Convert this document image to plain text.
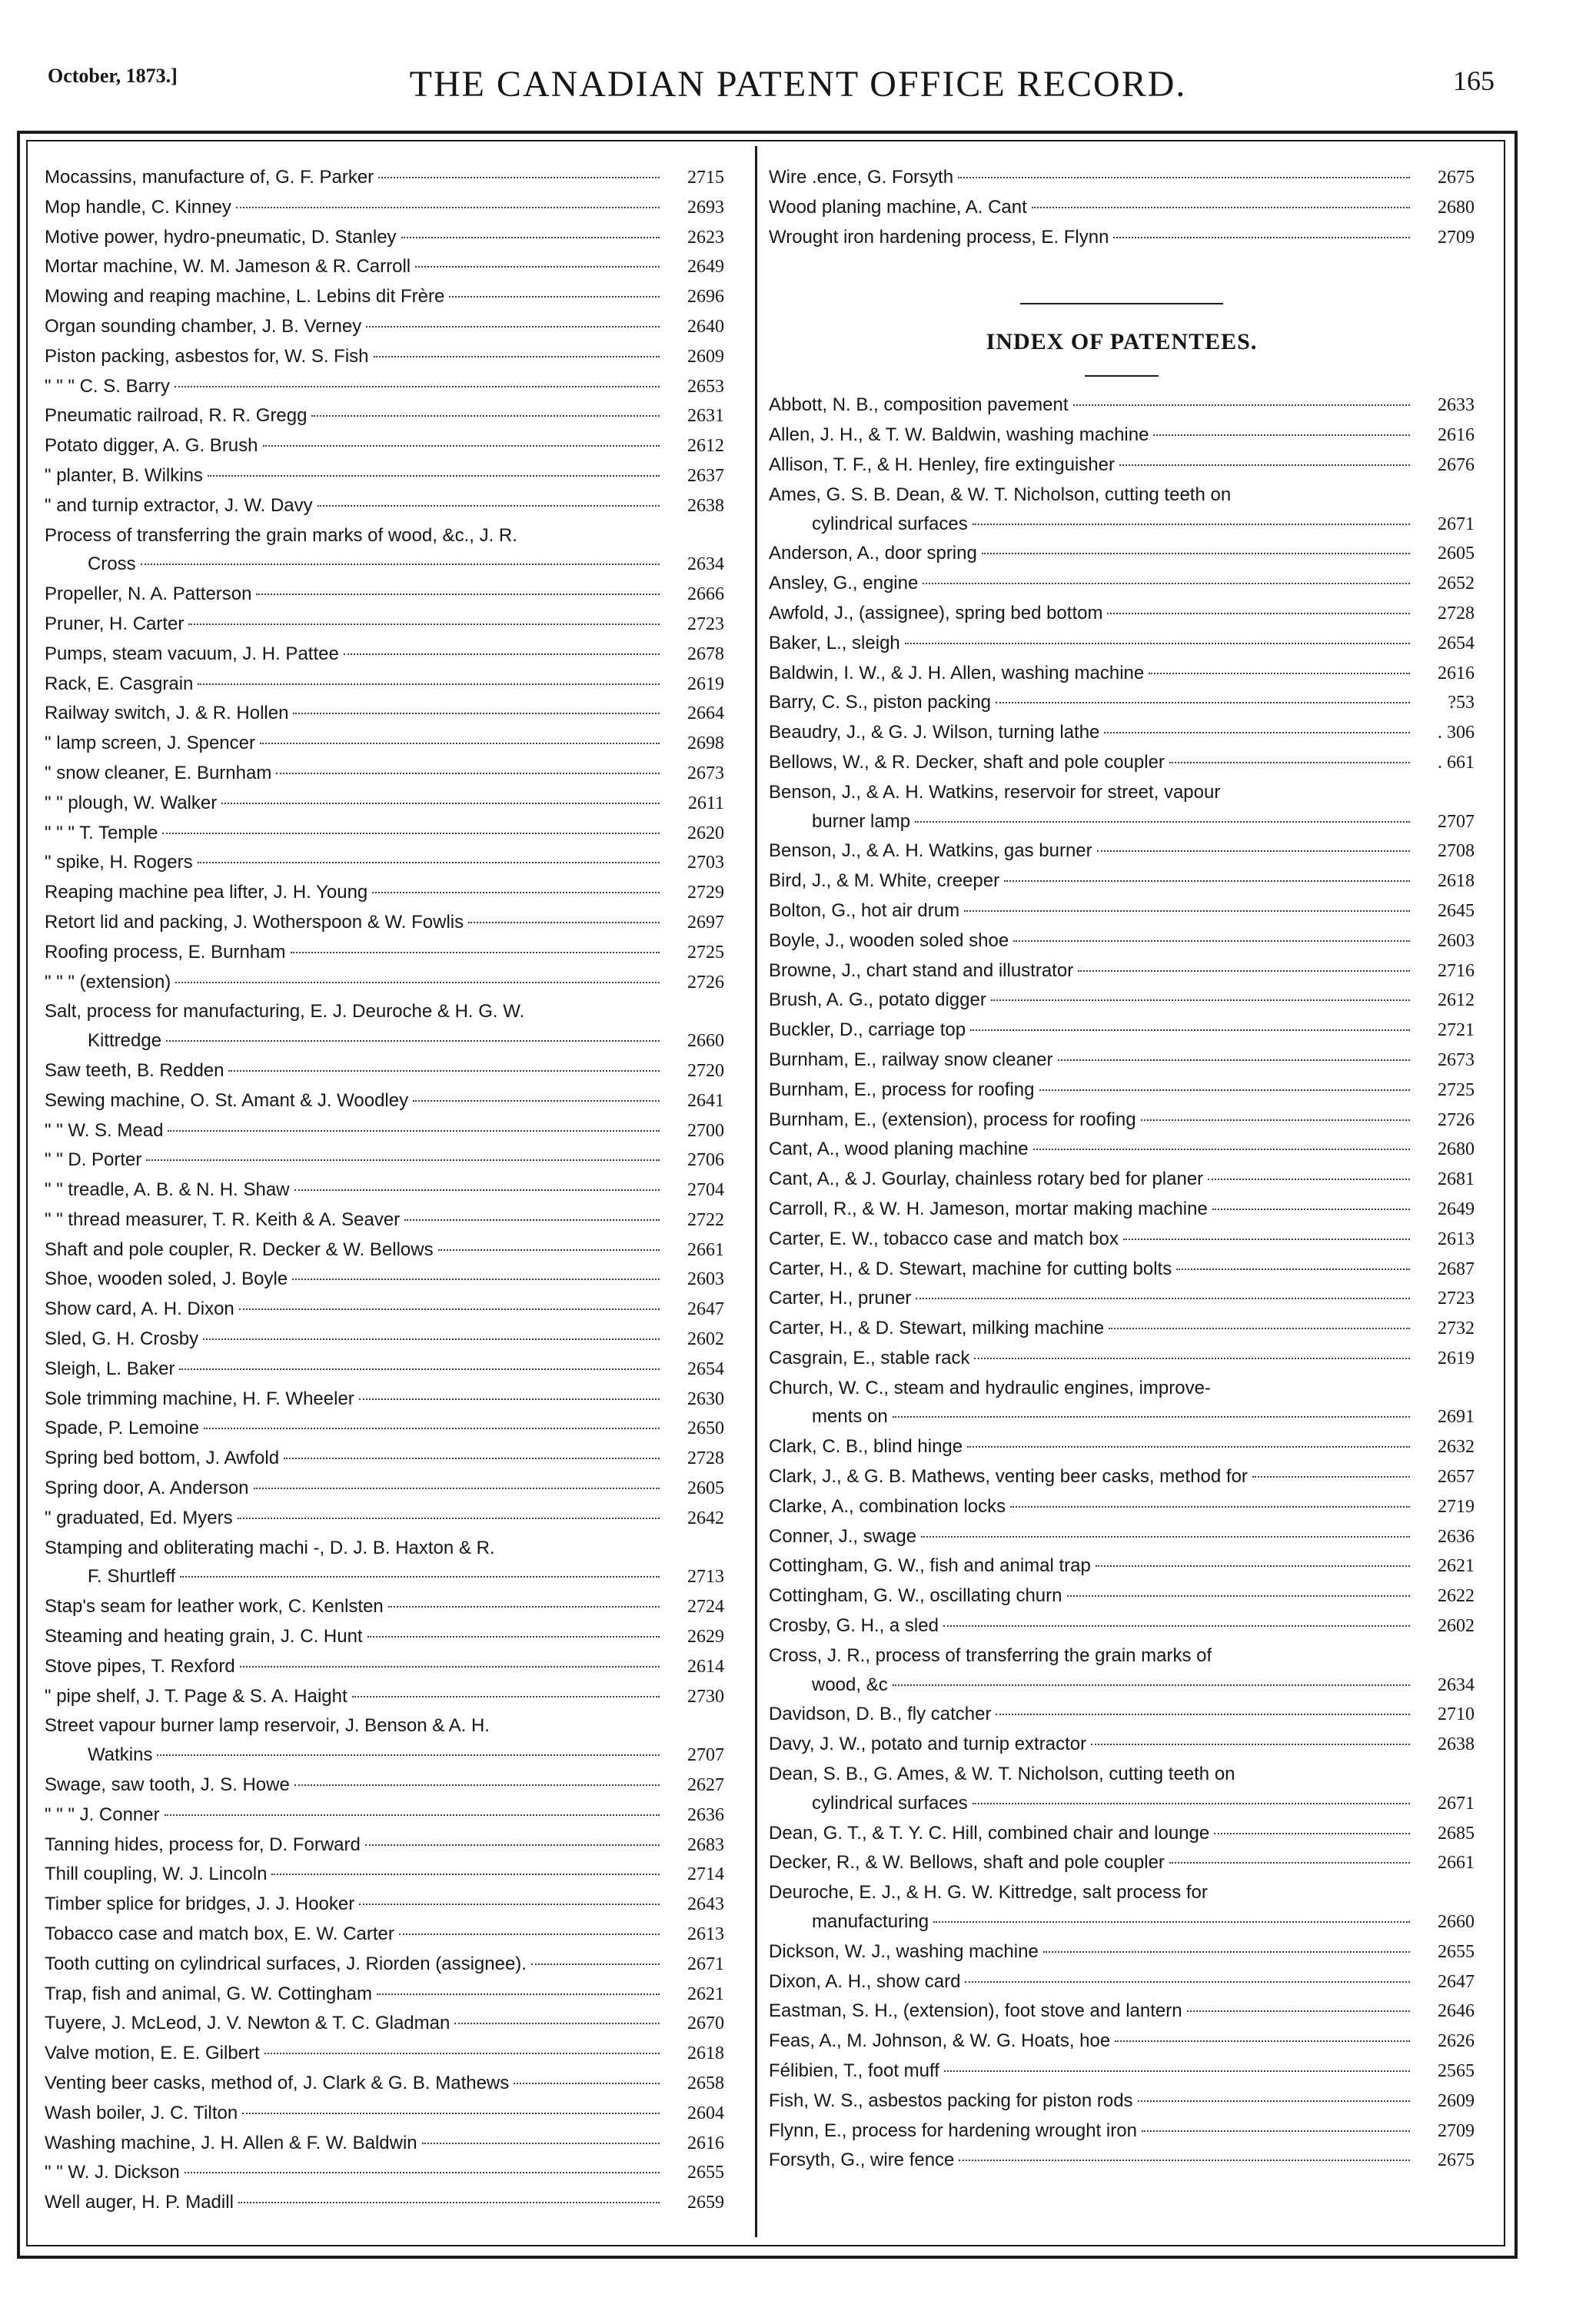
October, 1873.]	THE CANADIAN PATENT OFFICE RECORD.	165
Mocassins, manufacture of, G. F. Parker	2715
Mop handle, C. Kinney	2693
Motive power, hydro-pneumatic, D. Stanley	2623
Mortar machine, W. M. Jameson & R. Carroll	2649
Mowing and reaping machine, L. Lebins dit Frère	2696
Organ sounding chamber, J. B. Verney	2640
Piston packing, asbestos for, W. S. Fish	2609
" " " C. S. Barry	2653
Pneumatic railroad, R. R. Gregg	2631
Potato digger, A. G. Brush	2612
" planter, B. Wilkins	2637
" and turnip extractor, J. W. Davy	2638
Process of transferring the grain marks of wood, &c., J. R.
Cross	2634
Propeller, N. A. Patterson	2666
Pruner, H. Carter	2723
Pumps, steam vacuum, J. H. Pattee	2678
Rack, E. Casgrain	2619
Railway switch, J. & R. Hollen	2664
" lamp screen, J. Spencer	2698
" snow cleaner, E. Burnham	2673
" " plough, W. Walker	2611
" " " T. Temple	2620
" spike, H. Rogers	2703
Reaping machine pea lifter, J. H. Young	2729
Retort lid and packing, J. Wotherspoon & W. Fowlis	2697
Roofing process, E. Burnham	2725
" " " (extension)	2726
Salt, process for manufacturing, E. J. Deuroche & H. G. W.
Kittredge	2660
Saw teeth, B. Redden	2720
Sewing machine, O. St. Amant & J. Woodley	2641
" " W. S. Mead	2700
" " D. Porter	2706
" " treadle, A. B. & N. H. Shaw	2704
" " thread measurer, T. R. Keith & A. Seaver	2722
Shaft and pole coupler, R. Decker & W. Bellows	2661
Shoe, wooden soled, J. Boyle	2603
Show card, A. H. Dixon	2647
Sled, G. H. Crosby	2602
Sleigh, L. Baker	2654
Sole trimming machine, H. F. Wheeler	2630
Spade, P. Lemoine	2650
Spring bed bottom, J. Awfold	2728
Spring door, A. Anderson	2605
" graduated, Ed. Myers	2642
Stamping and obliterating machi -, D. J. B. Haxton & R.
F. Shurtleff	2713
Stap's seam for leather work, C. Kenlsten	2724
Steaming and heating grain, J. C. Hunt	2629
Stove pipes, T. Rexford	2614
" pipe shelf, J. T. Page & S. A. Haight	2730
Street vapour burner lamp reservoir, J. Benson & A. H.
Watkins	2707
Swage, saw tooth, J. S. Howe	2627
" " " J. Conner	2636
Tanning hides, process for, D. Forward	2683
Thill coupling, W. J. Lincoln	2714
Timber splice for bridges, J. J. Hooker	2643
Tobacco case and match box, E. W. Carter	2613
Tooth cutting on cylindrical surfaces, J. Riorden (assignee).	2671
Trap, fish and animal, G. W. Cottingham	2621
Tuyere, J. McLeod, J. V. Newton & T. C. Gladman	2670
Valve motion, E. E. Gilbert	2618
Venting beer casks, method of, J. Clark & G. B. Mathews	2658
Wash boiler, J. C. Tilton	2604
Washing machine, J. H. Allen & F. W. Baldwin	2616
" " W. J. Dickson	2655
Well auger, H. P. Madill	2659
Wire .ence, G. Forsyth	2675
Wood planing machine, A. Cant	2680
Wrought iron hardening process, E. Flynn	2709
INDEX OF PATENTEES.
Abbott, N. B., composition pavement	2633
Allen, J. H., & T. W. Baldwin, washing machine	2616
Allison, T. F., & H. Henley, fire extinguisher	2676
Ames, G. S. B. Dean, & W. T. Nicholson, cutting teeth on
cylindrical surfaces	2671
Anderson, A., door spring	2605
Ansley, G., engine	2652
Awfold, J., (assignee), spring bed bottom	2728
Baker, L., sleigh	2654
Baldwin, I. W., & J. H. Allen, washing machine	2616
Barry, C. S., piston packing	?53
Beaudry, J., & G. J. Wilson, turning lathe	. 306
Bellows, W., & R. Decker, shaft and pole coupler	. 661
Benson, J., & A. H. Watkins, reservoir for street, vapour
burner lamp	2707
Benson, J., & A. H. Watkins, gas burner	2708
Bird, J., & M. White, creeper	2618
Bolton, G., hot air drum	2645
Boyle, J., wooden soled shoe	2603
Browne, J., chart stand and illustrator	2716
Brush, A. G., potato digger	2612
Buckler, D., carriage top	2721
Burnham, E., railway snow cleaner	2673
Burnham, E., process for roofing	2725
Burnham, E., (extension), process for roofing	2726
Cant, A., wood planing machine	2680
Cant, A., & J. Gourlay, chainless rotary bed for planer	2681
Carroll, R., & W. H. Jameson, mortar making machine	2649
Carter, E. W., tobacco case and match box	2613
Carter, H., & D. Stewart, machine for cutting bolts	2687
Carter, H., pruner	2723
Carter, H., & D. Stewart, milking machine	2732
Casgrain, E., stable rack	2619
Church, W. C., steam and hydraulic engines, improve-
ments on	2691
Clark, C. B., blind hinge	2632
Clark, J., & G. B. Mathews, venting beer casks, method for	2657
Clarke, A., combination locks	2719
Conner, J., swage	2636
Cottingham, G. W., fish and animal trap	2621
Cottingham, G. W., oscillating churn	2622
Crosby, G. H., a sled	2602
Cross, J. R., process of transferring the grain marks of
wood, &c	2634
Davidson, D. B., fly catcher	2710
Davy, J. W., potato and turnip extractor	2638
Dean, S. B., G. Ames, & W. T. Nicholson, cutting teeth on
cylindrical surfaces	2671
Dean, G. T., & T. Y. C. Hill, combined chair and lounge	2685
Decker, R., & W. Bellows, shaft and pole coupler	2661
Deuroche, E. J., & H. G. W. Kittredge, salt process for
manufacturing	2660
Dickson, W. J., washing machine	2655
Dixon, A. H., show card	2647
Eastman, S. H., (extension), foot stove and lantern	2646
Feas, A., M. Johnson, & W. G. Hoats, hoe	2626
Félibien, T., foot muff	2565
Fish, W. S., asbestos packing for piston rods	2609
Flynn, E., process for hardening wrought iron	2709
Forsyth, G., wire fence	2675
